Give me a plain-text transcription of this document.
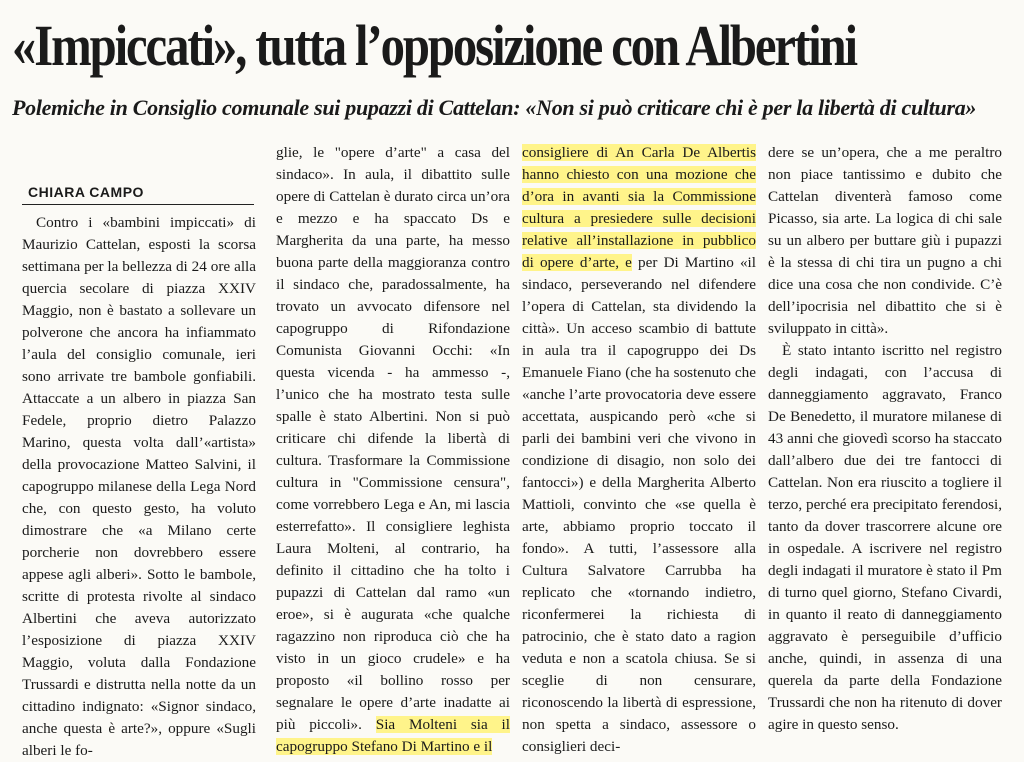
«Impiccati», tutta l’opposizione con Albertini
Polemiche in Consiglio comunale sui pupazzi di Cattelan: «Non si può criticare chi è per la libertà di cultura»
CHIARA CAMPO

Contro i «bambini impiccati» di Maurizio Cattelan, esposti la scorsa settimana per la bellezza di 24 ore alla quercia secolare di piazza XXIV Maggio, non è bastato a sollevare un polverone che ancora ha infiammato l’aula del consiglio comunale, ieri sono arrivate tre bambole gonfiabili. Attaccate a un albero in piazza San Fedele, proprio dietro Palazzo Marino, questa volta dall’«artista» della provocazione Matteo Salvini, il capogruppo milanese della Lega Nord che, con questo gesto, ha voluto dimostrare che «a Milano certe porcherie non dovrebbero essere appese agli alberi». Sotto le bambole, scritte di protesta rivolte al sindaco Albertini che aveva autorizzato l’esposizione di piazza XXIV Maggio, voluta dalla Fondazione Trussardi e distrutta nella notte da un cittadino indignato: «Signor sindaco, anche questa è arte?», oppure «Sugli alberi le fo-

glie, le "opere d’arte" a casa del sindaco». In aula, il dibattito sulle opere di Cattelan è durato circa un’ora e mezzo e ha spaccato Ds e Margherita da una parte, ha messo buona parte della maggioranza contro il sindaco che, paradossalmente, ha trovato un avvocato difensore nel capogruppo di Rifondazione Comunista Giovanni Occhi: «In questa vicenda - ha ammesso -, l’unico che ha mostrato testa sulle spalle è stato Albertini. Non si può criticare chi difende la libertà di cultura. Trasformare la Commissione cultura in "Commissione censura", come vorrebbero Lega e An, mi lascia esterrefatto». Il consigliere leghista Laura Molteni, al contrario, ha definito il cittadino che ha tolto i pupazzi di Cattelan dal ramo «un eroe», si è augurata «che qualche ragazzino non riproduca ciò che ha visto in un gioco crudele» e ha proposto «il bollino rosso per segnalare le opere d’arte inadatte ai più piccoli». Sia Molteni sia il capogruppo Stefano Di Martino e il

consigliere di An Carla De Albertis hanno chiesto con una mozione che d’ora in avanti sia la Commissione cultura a presiedere sulle decisioni relative all’installazione in pubblico di opere d’arte, e per Di Martino «il sindaco, perseverando nel difendere l’opera di Cattelan, sta dividendo la città». Un acceso scambio di battute in aula tra il capogruppo dei Ds Emanuele Fiano (che ha sostenuto che «anche l’arte provocatoria deve essere accettata, auspicando però «che si parli dei bambini veri che vivono in condizione di disagio, non solo dei fantocci») e della Margherita Alberto Mattioli, convinto che «se quella è arte, abbiamo proprio toccato il fondo». A tutti, l’assessore alla Cultura Salvatore Carrubba ha replicato che «tornando indietro, riconfermerei la richiesta di patrocinio, che è stato dato a ragion veduta e non a scatola chiusa. Se si sceglie di non censurare, riconoscendo la libertà di espressione, non spetta a sindaco, assessore o consiglieri deci-

dere se un’opera, che a me peraltro non piace tantissimo e dubito che Cattelan diventerà famoso come Picasso, sia arte. La logica di chi sale su un albero per buttare giù i pupazzi è la stessa di chi tira un pugno a chi dice una cosa che non condivide. C’è dell’ipocrisia nel dibattito che si è sviluppato in città».

È stato intanto iscritto nel registro degli indagati, con l’accusa di danneggiamento aggravato, Franco De Benedetto, il muratore milanese di 43 anni che giovedì scorso ha staccato dall’albero due dei tre fantocci di Cattelan. Non era riuscito a togliere il terzo, perché era precipitato ferendosi, tanto da dover trascorrere alcune ore in ospedale. A iscrivere nel registro degli indagati il muratore è stato il Pm di turno quel giorno, Stefano Civardi, in quanto il reato di danneggiamento aggravato è perseguibile d’ufficio anche, quindi, in assenza di una querela da parte della Fondazione Trussardi che non ha ritenuto di dover agire in questo senso.
